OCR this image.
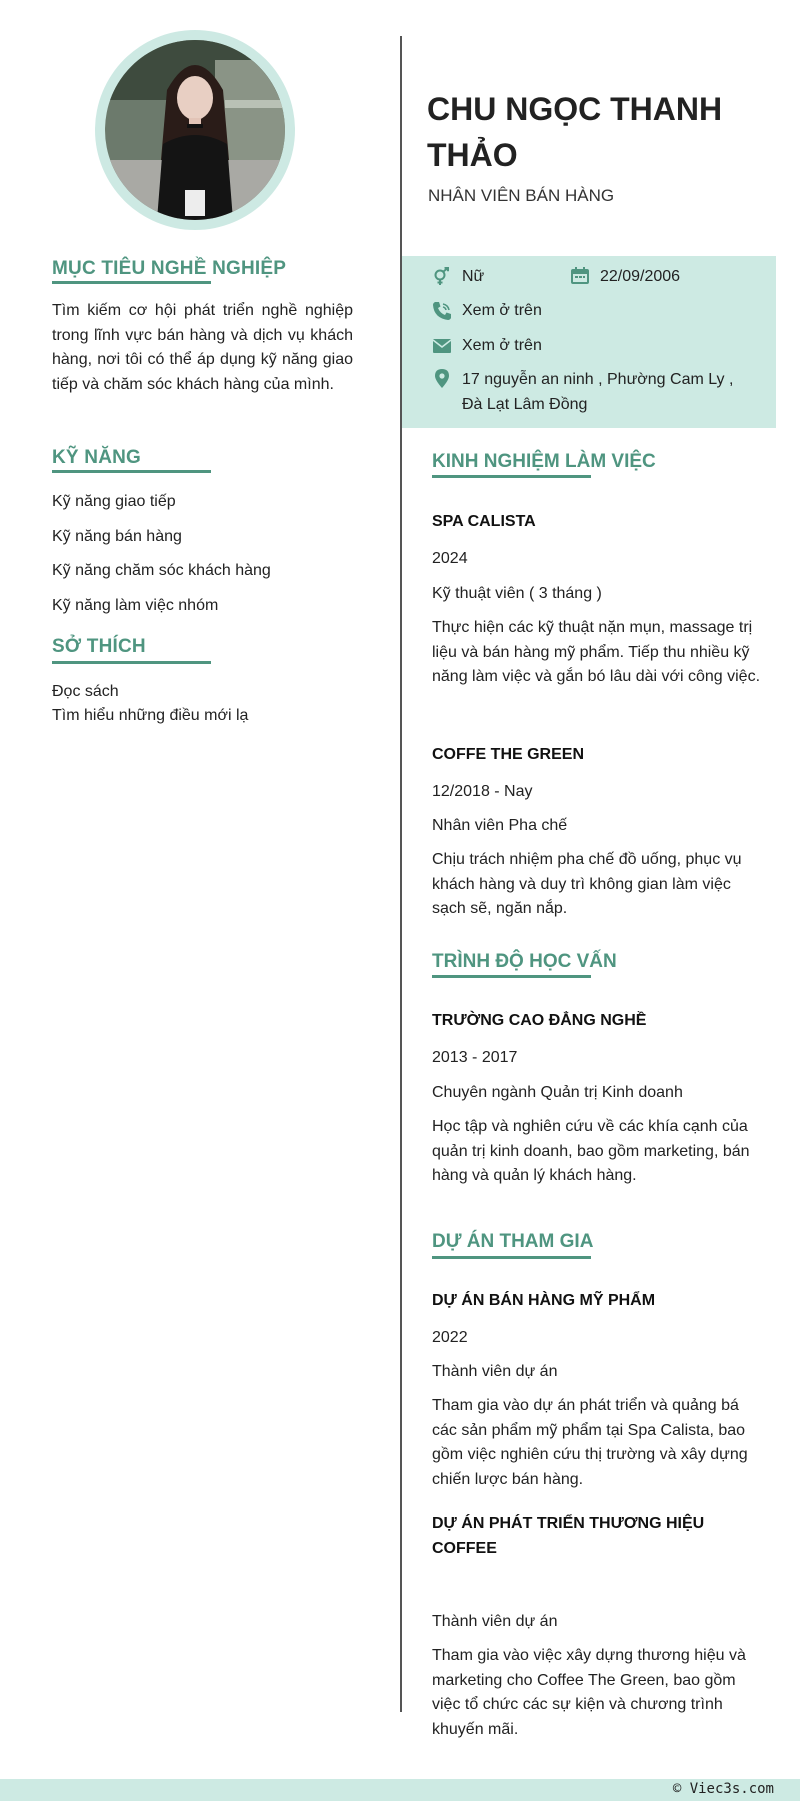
MỤC TIÊU NGHỀ NGHIỆP
Tìm kiếm cơ hội phát triển nghề nghiệp trong lĩnh vực bán hàng và dịch vụ khách hàng, nơi tôi có thể áp dụng kỹ năng giao tiếp và chăm sóc khách hàng của mình.
KỸ NĂNG
Kỹ năng giao tiếp
Kỹ năng bán hàng
Kỹ năng chăm sóc khách hàng
Kỹ năng làm việc nhóm
SỞ THÍCH
Đọc sách
Tìm hiểu những điều mới lạ
CHU NGỌC THANH THẢO
NHÂN VIÊN BÁN HÀNG
Nữ	22/09/2006
Xem ở trên
Xem ở trên
17 nguyễn an ninh , Phường Cam Ly ,
Đà Lạt Lâm Đồng
KINH NGHIỆM LÀM VIỆC
SPA CALISTA
2024
Kỹ thuật viên ( 3 tháng )
Thực hiện các kỹ thuật nặn mụn, massage trị liệu và bán hàng mỹ phẩm. Tiếp thu nhiều kỹ năng làm việc và gắn bó lâu dài với công việc.
COFFE THE GREEN
12/2018 - Nay
Nhân viên Pha chế
Chịu trách nhiệm pha chế đồ uống, phục vụ khách hàng và duy trì không gian làm việc sạch sẽ, ngăn nắp.
TRÌNH ĐỘ HỌC VẤN
TRƯỜNG CAO ĐẲNG NGHỀ
2013 - 2017
Chuyên ngành Quản trị Kinh doanh
Học tập và nghiên cứu về các khía cạnh của quản trị kinh doanh, bao gồm marketing, bán hàng và quản lý khách hàng.
DỰ ÁN THAM GIA
DỰ ÁN BÁN HÀNG MỸ PHẨM
2022
Thành viên dự án
Tham gia vào dự án phát triển và quảng bá các sản phẩm mỹ phẩm tại Spa Calista, bao gồm việc nghiên cứu thị trường và xây dựng chiến lược bán hàng.
DỰ ÁN PHÁT TRIỂN THƯƠNG HIỆU COFFEE
Thành viên dự án
Tham gia vào việc xây dựng thương hiệu và marketing cho Coffee The Green, bao gồm việc tổ chức các sự kiện và chương trình khuyến mãi.
© Viec3s.com
